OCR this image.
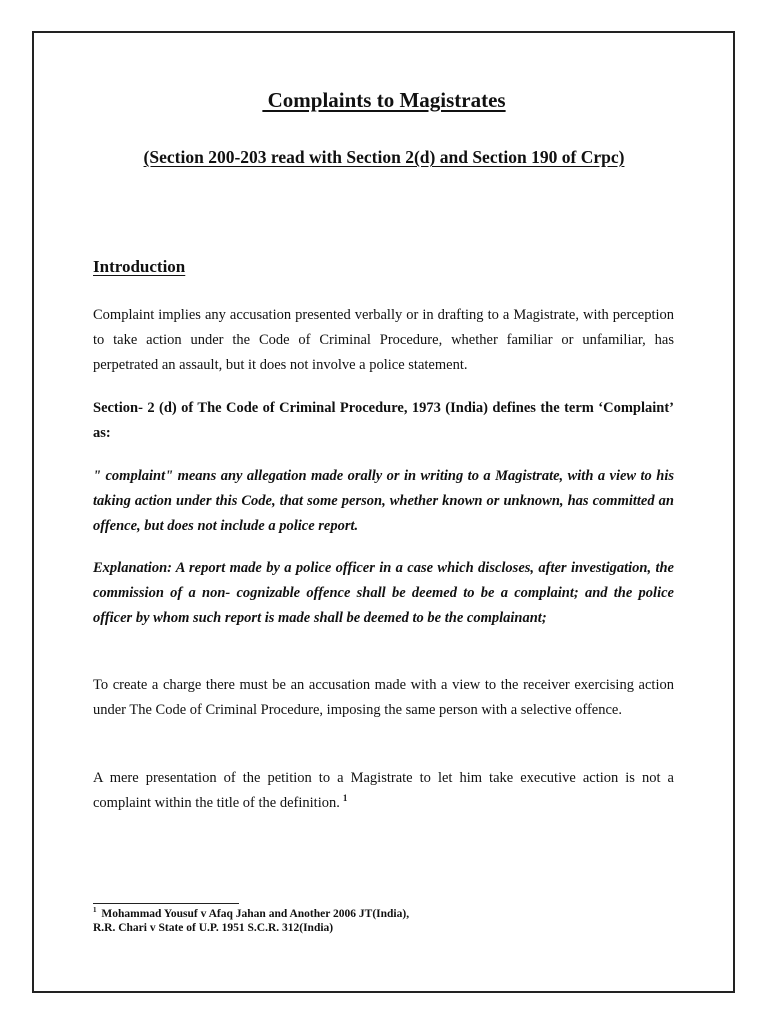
Complaints to Magistrates
(Section 200-203 read with Section 2(d) and Section 190 of Crpc)
Introduction

Complaint implies any accusation presented verbally or in drafting to a Magistrate, with perception to take action under the Code of Criminal Procedure, whether familiar or unfamiliar, has perpetrated an assault, but it does not involve a police statement.

Section- 2 (d) of The Code of Criminal Procedure, 1973 (India) defines the term ‘Complaint’ as:

" complaint" means any allegation made orally or in writing to a Magistrate, with a view to his taking action under this Code, that some person, whether known or unknown, has committed an offence, but does not include a police report.

Explanation: A report made by a police officer in a case which discloses, after investigation, the commission of a non- cognizable offence shall be deemed to be a complaint; and the police officer by whom such report is made shall be deemed to be the complainant;

To create a charge there must be an accusation made with a view to the receiver exercising action under The Code of Criminal Procedure, imposing the same person with a selective offence.

A mere presentation of the petition to a Magistrate to let him take executive action is not a complaint within the title of the definition. $^1$

$^1$ Mohammad Yousuf v Afaq Jahan and Another 2006 JT(India),
R.R. Chari v State of U.P. 1951 S.C.R. 312(India)
